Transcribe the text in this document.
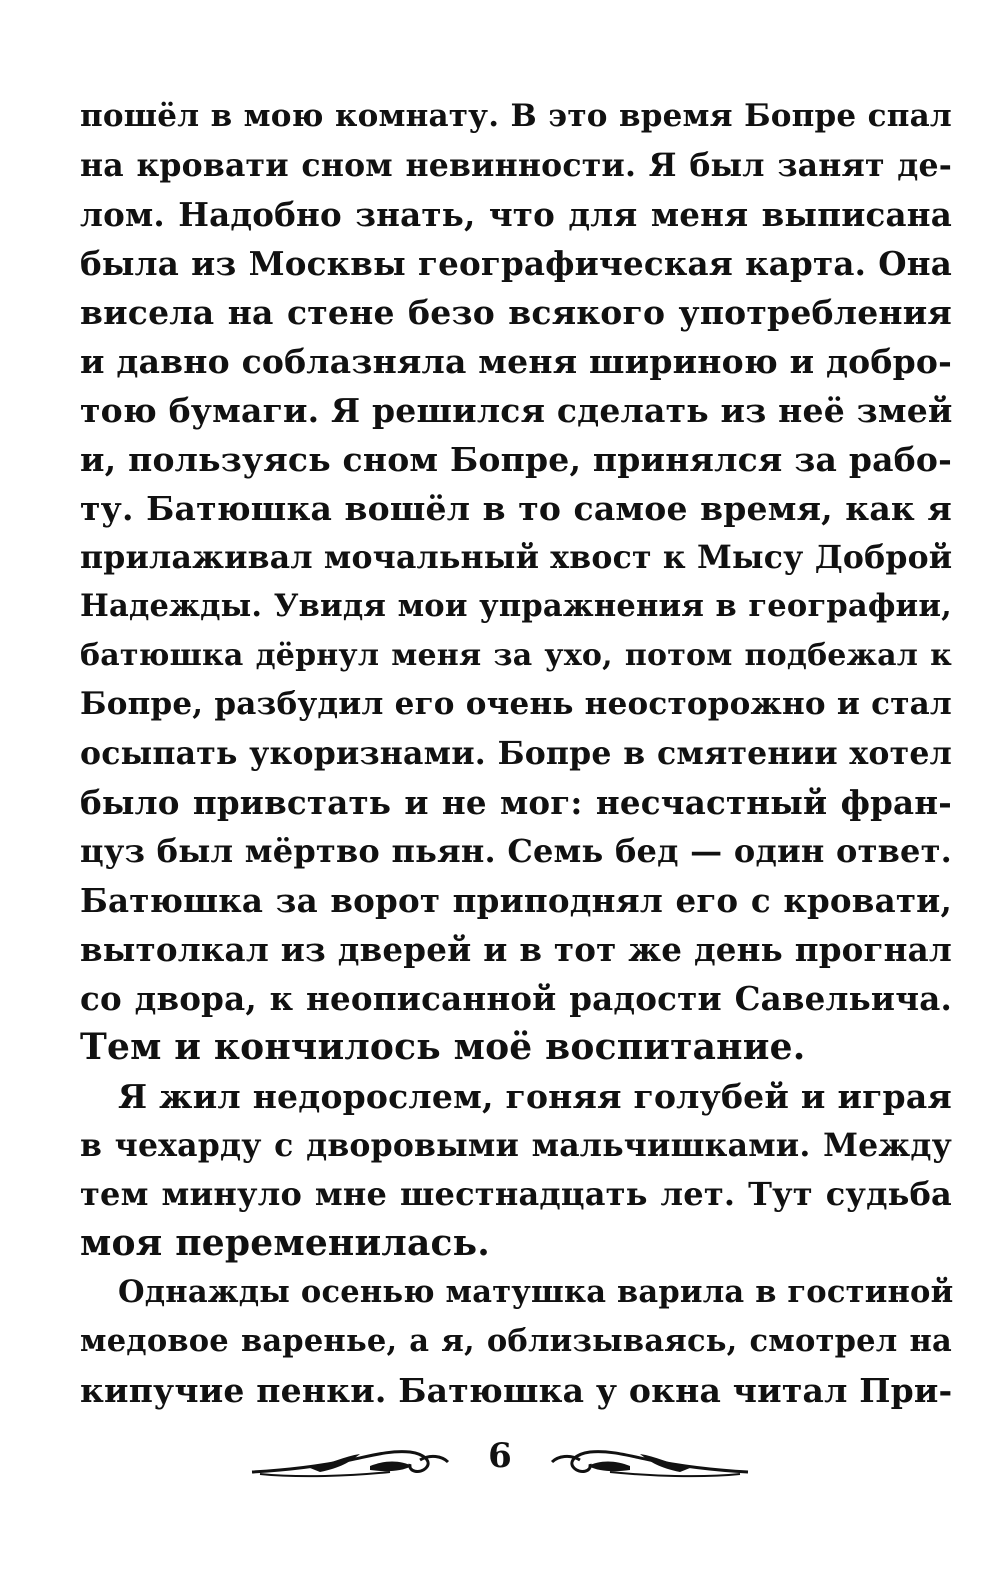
пошёл в мою комнату. В это время Бопре спал
на кровати сном невинности. Я был занят де-
лом. Надобно знать, что для меня выписана
была из Москвы географическая карта. Она
висела на стене безо всякого употребления
и давно соблазняла меня шириною и добро-
тою бумаги. Я решился сделать из неё змей
и, пользуясь сном Бопре, принялся за рабо-
ту. Батюшка вошёл в то самое время, как я
прилаживал мочальный хвост к Мысу Доброй
Надежды. Увидя мои упражнения в географии,
батюшка дёрнул меня за ухо, потом подбежал к
Бопре, разбудил его очень неосторожно и стал
осыпать укоризнами. Бопре в смятении хотел
было привстать и не мог: несчастный фран-
цуз был мёртво пьян. Семь бед — один ответ.
Батюшка за ворот приподнял его с кровати,
вытолкал из дверей и в тот же день прогнал
со двора, к неописанной радости Савельича.
Тем и кончилось моё воспитание.
Я жил недорослем, гоняя голубей и играя
в чехарду с дворовыми мальчишками. Между
тем минуло мне шестнадцать лет. Тут судьба
моя переменилась.
Однажды осенью матушка варила в гостиной
медовое варенье, а я, облизываясь, смотрел на
кипучие пенки. Батюшка у окна читал При-
6
